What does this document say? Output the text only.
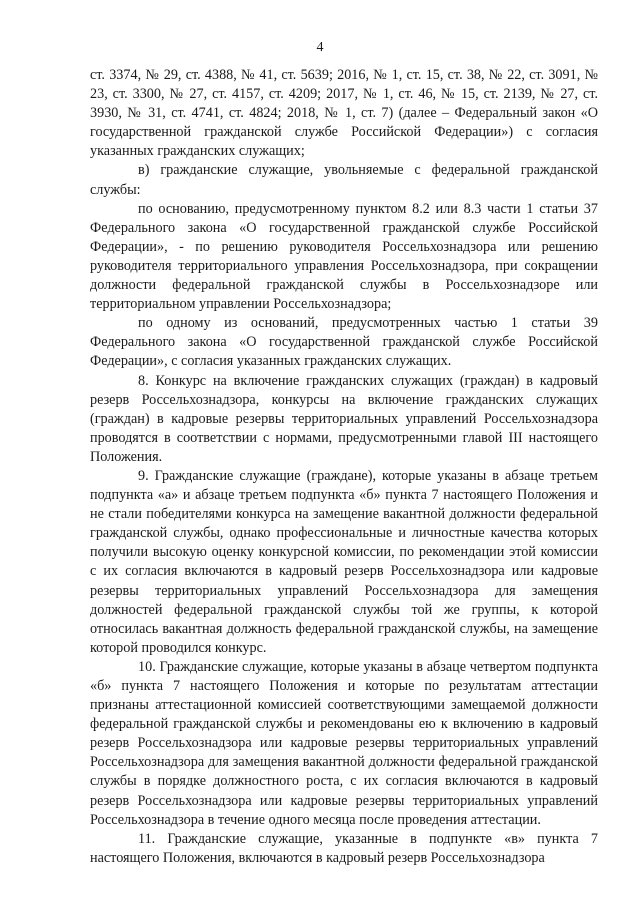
4

ст. 3374, № 29, ст. 4388, № 41, ст. 5639; 2016, № 1, ст. 15, ст. 38, № 22, ст. 3091, № 23, ст. 3300, № 27, ст. 4157, ст. 4209; 2017, № 1, ст. 46, № 15, ст. 2139, № 27, ст. 3930, № 31, ст. 4741, ст. 4824; 2018, № 1, ст. 7) (далее – Федеральный закон «О государственной гражданской службе Российской Федерации») с согласия указанных гражданских служащих;

в) гражданские служащие, увольняемые с федеральной гражданской службы:

по основанию, предусмотренному пунктом 8.2 или 8.3 части 1 статьи 37 Федерального закона «О государственной гражданской службе Российской Федерации», - по решению руководителя Россельхознадзора или решению руководителя территориального управления Россельхознадзора, при сокращении должности федеральной гражданской службы в Россельхознадзоре или территориальном управлении Россельхознадзора;

по одному из оснований, предусмотренных частью 1 статьи 39 Федерального закона «О государственной гражданской службе Российской Федерации», с согласия указанных гражданских служащих.

8. Конкурс на включение гражданских служащих (граждан) в кадровый резерв Россельхознадзора, конкурсы на включение гражданских служащих (граждан) в кадровые резервы территориальных управлений Россельхознадзора проводятся в соответствии с нормами, предусмотренными главой III настоящего Положения.

9. Гражданские служащие (граждане), которые указаны в абзаце третьем подпункта «а» и абзаце третьем подпункта «б» пункта 7 настоящего Положения и не стали победителями конкурса на замещение вакантной должности федеральной гражданской службы, однако профессиональные и личностные качества которых получили высокую оценку конкурсной комиссии, по рекомендации этой комиссии с их согласия включаются в кадровый резерв Россельхознадзора или кадровые резервы территориальных управлений Россельхознадзора для замещения должностей федеральной гражданской службы той же группы, к которой относилась вакантная должность федеральной гражданской службы, на замещение которой проводился конкурс.

10. Гражданские служащие, которые указаны в абзаце четвертом подпункта «б» пункта 7 настоящего Положения и которые по результатам аттестации признаны аттестационной комиссией соответствующими замещаемой должности федеральной гражданской службы и рекомендованы ею к включению в кадровый резерв Россельхознадзора или кадровые резервы территориальных управлений Россельхознадзора для замещения вакантной должности федеральной гражданской службы в порядке должностного роста, с их согласия включаются в кадровый резерв Россельхознадзора или кадровые резервы территориальных управлений Россельхознадзора в течение одного месяца после проведения аттестации.

11. Гражданские служащие, указанные в подпункте «в» пункта 7 настоящего Положения, включаются в кадровый резерв Россельхознадзора
